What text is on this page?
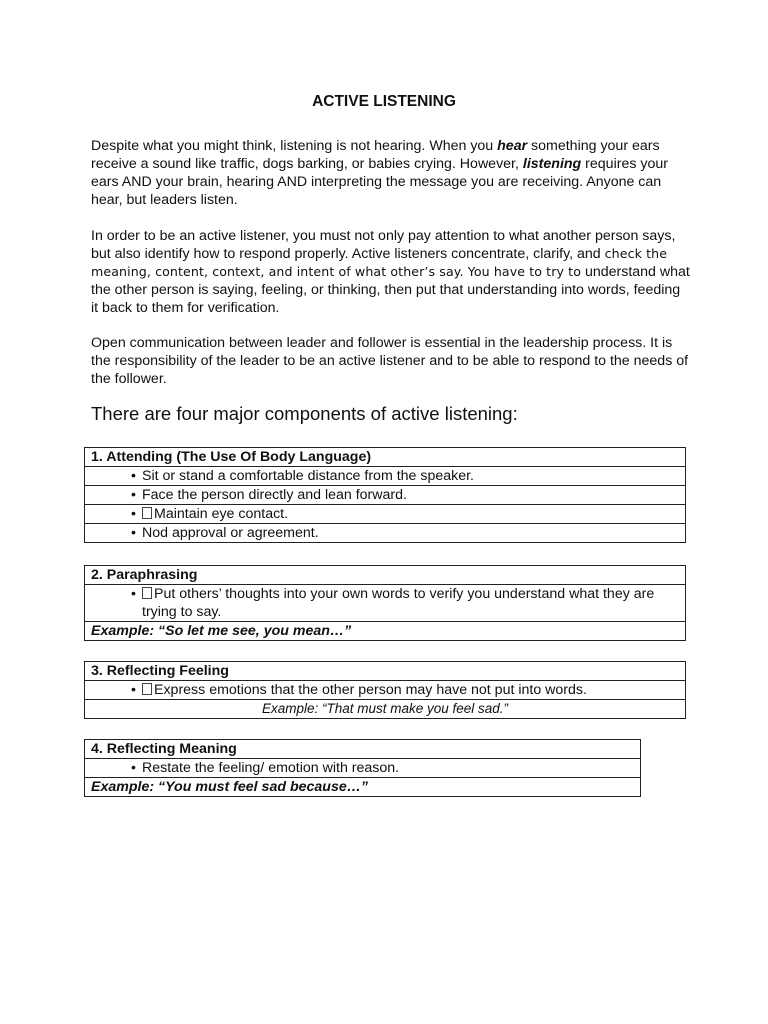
ACTIVE LISTENING

Despite what you might think, listening is not hearing. When you hear something your ears receive a sound like traffic, dogs barking, or babies crying. However, listening requires your ears AND your brain, hearing AND interpreting the message you are receiving. Anyone can hear, but leaders listen.

In order to be an active listener, you must not only pay attention to what another person says, but also identify how to respond properly. Active listeners concentrate, clarify, and check the meaning, content, context, and intent of what other’s say. You have to try to understand what the other person is saying, feeling, or thinking, then put that understanding into words, feeding it back to them for verification.

Open communication between leader and follower is essential in the leadership process. It is the responsibility of the leader to be an active listener and to be able to respond to the needs of the follower.

There are four major components of active listening:

1. Attending (The Use Of Body Language)

• Sit or stand a comfortable distance from the speaker.

• Face the person directly and lean forward.

•	Maintain eye contact.

• Nod approval or agreement.
2. Paraphrasing

•	Put others’ thoughts into your own words to verify you understand what they are trying to say.

Example: “So let me see, you mean…”
3. Reflecting Feeling

•	Express emotions that the other person may have not put into words.

Example: “That must make you feel sad.”
4. Reflecting Meaning

• Restate the feeling/ emotion with reason.

Example: “You must feel sad because…”
